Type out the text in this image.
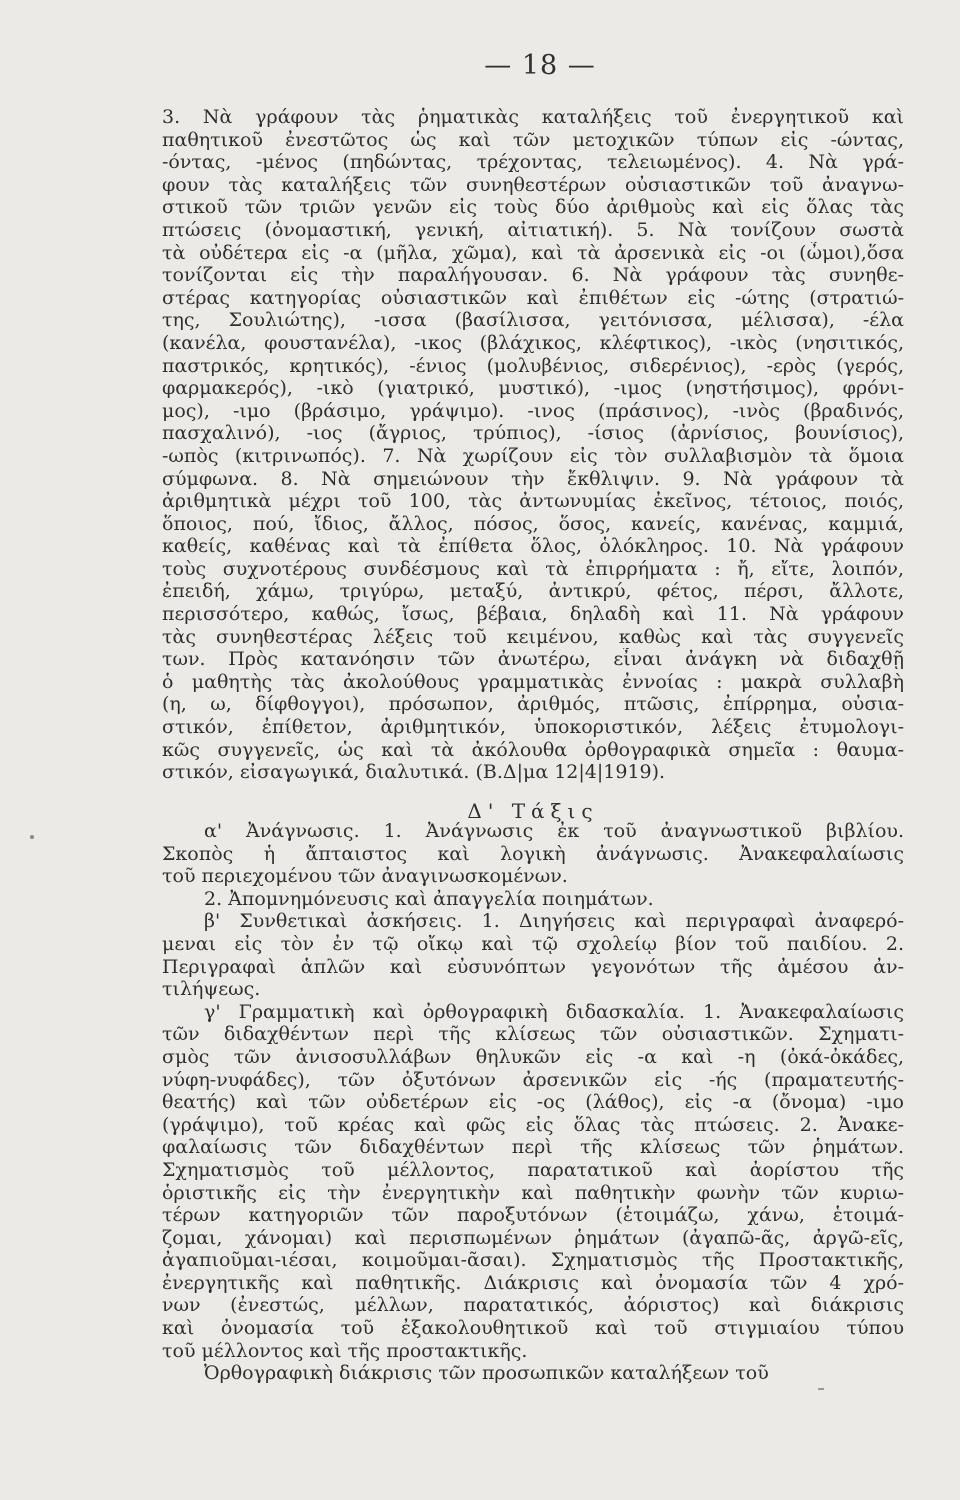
— 18 —
3. Νὰ γράφουν τὰς ῥηματικὰς καταλήξεις τοῦ ἐνεργητικοῦ καὶ
παθητικοῦ ἐνεστῶτος ὡς καὶ τῶν μετοχικῶν τύπων εἰς -ώντας,
-όντας, -μένος (πηδώντας, τρέχοντας, τελειωμένος). 4. Νὰ γρά-
φουν τὰς καταλήξεις τῶν συνηθεστέρων οὐσιαστικῶν τοῦ ἀναγνω-
στικοῦ τῶν τριῶν γενῶν εἰς τοὺς δύο ἀριθμοὺς καὶ εἰς ὅλας τὰς
πτώσεις (ὀνομαστική, γενική, αἰτιατική). 5. Νὰ τονίζουν σωστὰ
τὰ οὐδέτερα εἰς -α (μῆλα, χῶμα), καὶ τὰ ἀρσενικὰ εἰς -οι (ὦμοι),ὅσα
τονίζονται εἰς τὴν παραλήγουσαν. 6. Νὰ γράφουν τὰς συνηθε-
στέρας κατηγορίας οὐσιαστικῶν καὶ ἐπιθέτων εἰς -ώτης (στρατιώ-
της, Σουλιώτης), -ισσα (βασίλισσα, γειτόνισσα, μέλισσα), -έλα
(κανέλα, φουστανέλα), -ικος (βλάχικος, κλέφτικος), -ικὸς (νησιτικός,
παστρικός, κρητικός), -ένιος (μολυβένιος, σιδερένιος), -ερὸς (γερός,
φαρμακερός), -ικὸ (γιατρικό, μυστικό), -ιμος (νηστήσιμος), φρόνι-
μος), -ιμο (βράσιμο, γράψιμο). -ινος (πράσινος), -ινὸς (βραδινός,
πασχαλινό), -ιος (ἄγριος, τρύπιος), -ίσιος (ἀρνίσιος, βουνίσιος),
-ωπὸς (κιτρινωπός). 7. Νὰ χωρίζουν εἰς τὸν συλλαβισμὸν τὰ ὅμοια
σύμφωνα. 8. Νὰ σημειώνουν τὴν ἔκθλιψιν. 9. Νὰ γράφουν τὰ
ἀριθμητικὰ μέχρι τοῦ 100, τὰς ἀντωνυμίας ἐκεῖνος, τέτοιος, ποιός,
ὅποιος, πού, ἴδιος, ἄλλος, πόσος, ὅσος, κανείς, κανένας, καμμιά,
καθείς, καθένας καὶ τὰ ἐπίθετα ὅλος, ὁλόκληρος. 10. Νὰ γράφουν
τοὺς συχνοτέρους συνδέσμους καὶ τὰ ἐπιρρήματα : ἤ, εἴτε, λοιπόν,
ἐπειδή, χάμω, τριγύρω, μεταξύ, ἀντικρύ, φέτος, πέρσι, ἄλλοτε,
περισσότερο, καθώς, ἴσως, βέβαια, δηλαδὴ καὶ 11. Νὰ γράφουν
τὰς συνηθεστέρας λέξεις τοῦ κειμένου, καθὼς καὶ τὰς συγγενεῖς
των. Πρὸς κατανόησιν τῶν ἀνωτέρω, εἶναι ἀνάγκη νὰ διδαχθῇ
ὁ μαθητὴς τὰς ἀκολούθους γραμματικὰς ἐννοίας : μακρὰ συλλαβὴ
(η, ω, δίφθογγοι), πρόσωπον, ἀριθμός, πτῶσις, ἐπίρρημα, οὐσια-
στικόν, ἐπίθετον, ἀριθμητικόν, ὑποκοριστικόν, λέξεις ἐτυμολογι-
κῶς συγγενεῖς, ὡς καὶ τὰ ἀκόλουθα ὀρθογραφικὰ σημεῖα : θαυμα-
στικόν, εἰσαγωγικά, διαλυτικά. (Β.Δ|μα 12|4|1919).
Δ' Τάξις
α' Ἀνάγνωσις. 1. Ἀνάγνωσις ἐκ τοῦ ἀναγνωστικοῦ βιβλίου.
Σκοπὸς ἡ ἄπταιστος καὶ λογικὴ ἀνάγνωσις. Ἀνακεφαλαίωσις
τοῦ περιεχομένου τῶν ἀναγινωσκομένων.
2. Ἀπομνημόνευσις καὶ ἀπαγγελία ποιημάτων.
β' Συνθετικαὶ ἀσκήσεις. 1. Διηγήσεις καὶ περιγραφαὶ ἀναφερό-
μεναι εἰς τὸν ἐν τῷ οἴκῳ καὶ τῷ σχολείῳ βίον τοῦ παιδίου. 2.
Περιγραφαὶ ἁπλῶν καὶ εὐσυνόπτων γεγονότων τῆς ἀμέσου ἀν-
τιλήψεως.
γ' Γραμματικὴ καὶ ὀρθογραφικὴ διδασκαλία. 1. Ἀνακεφαλαίωσις
τῶν διδαχθέντων περὶ τῆς κλίσεως τῶν οὐσιαστικῶν. Σχηματι-
σμὸς τῶν ἀνισοσυλλάβων θηλυκῶν εἰς -α καὶ -η (ὀκά-ὀκάδες,
νύφη-νυφάδες), τῶν ὀξυτόνων ἀρσενικῶν εἰς -ής (πραματευτής-
θεατής) καὶ τῶν οὐδετέρων εἰς -ος (λάθος), εἰς -α (ὄνομα) -ιμο
(γράψιμο), τοῦ κρέας καὶ φῶς εἰς ὅλας τὰς πτώσεις. 2. Ἀνακε-
φαλαίωσις τῶν διδαχθέντων περὶ τῆς κλίσεως τῶν ῥημάτων.
Σχηματισμὸς τοῦ μέλλοντος, παρατατικοῦ καὶ ἀορίστου τῆς
ὁριστικῆς εἰς τὴν ἐνεργητικὴν καὶ παθητικὴν φωνὴν τῶν κυριω-
τέρων κατηγοριῶν τῶν παροξυτόνων (ἑτοιμάζω, χάνω, ἑτοιμά-
ζομαι, χάνομαι) καὶ περισπωμένων ῥημάτων (ἀγαπῶ-ᾶς, ἀργῶ-εῖς,
ἀγαπιοῦμαι-ιέσαι, κοιμοῦμαι-ᾶσαι). Σχηματισμὸς τῆς Προστακτικῆς,
ἐνεργητικῆς καὶ παθητικῆς. Διάκρισις καὶ ὀνομασία τῶν 4 χρό-
νων (ἐνεστώς, μέλλων, παρατατικός, ἀόριστος) καὶ διάκρισις
καὶ ὀνομασία τοῦ ἐξακολουθητικοῦ καὶ τοῦ στιγμιαίου τύπου
τοῦ μέλλοντος καὶ τῆς προστακτικῆς.
Ὀρθογραφικὴ διάκρισις τῶν προσωπικῶν καταλήξεων τοῦ
